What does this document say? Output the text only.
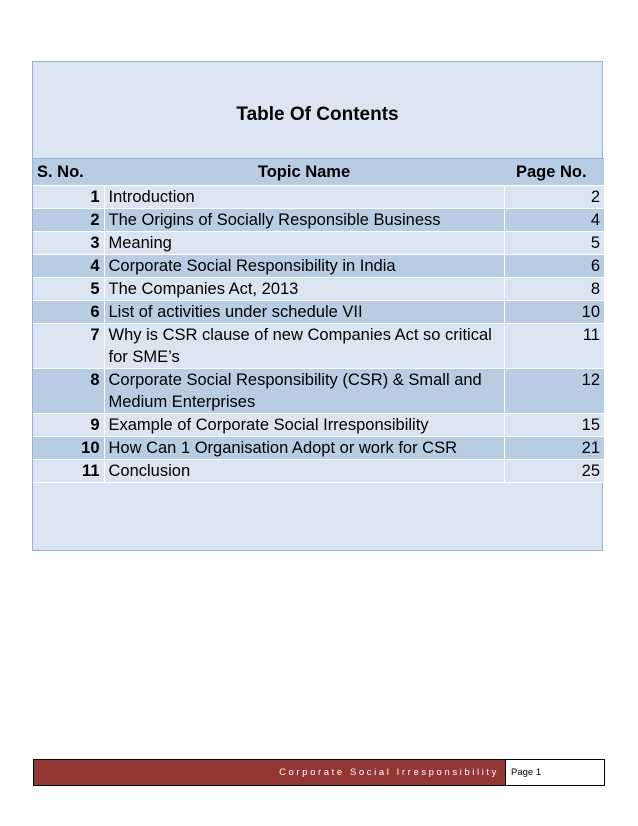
Table Of Contents
S. No.	Topic Name	Page No.
1	Introduction	2
2	The Origins of Socially Responsible Business	4
3	Meaning	5
4	Corporate Social Responsibility in India	6
5	The Companies Act, 2013	8
6	List of activities under schedule VII	10
7	Why is CSR clause of new Companies Act so critical for SME’s	11
8	Corporate Social Responsibility (CSR) & Small and Medium Enterprises	12
9	Example of Corporate Social Irresponsibility	15
10	How Can 1 Organisation Adopt or work for CSR	21
11	Conclusion	25
Corporate Social Irresponsibility	Page 1
